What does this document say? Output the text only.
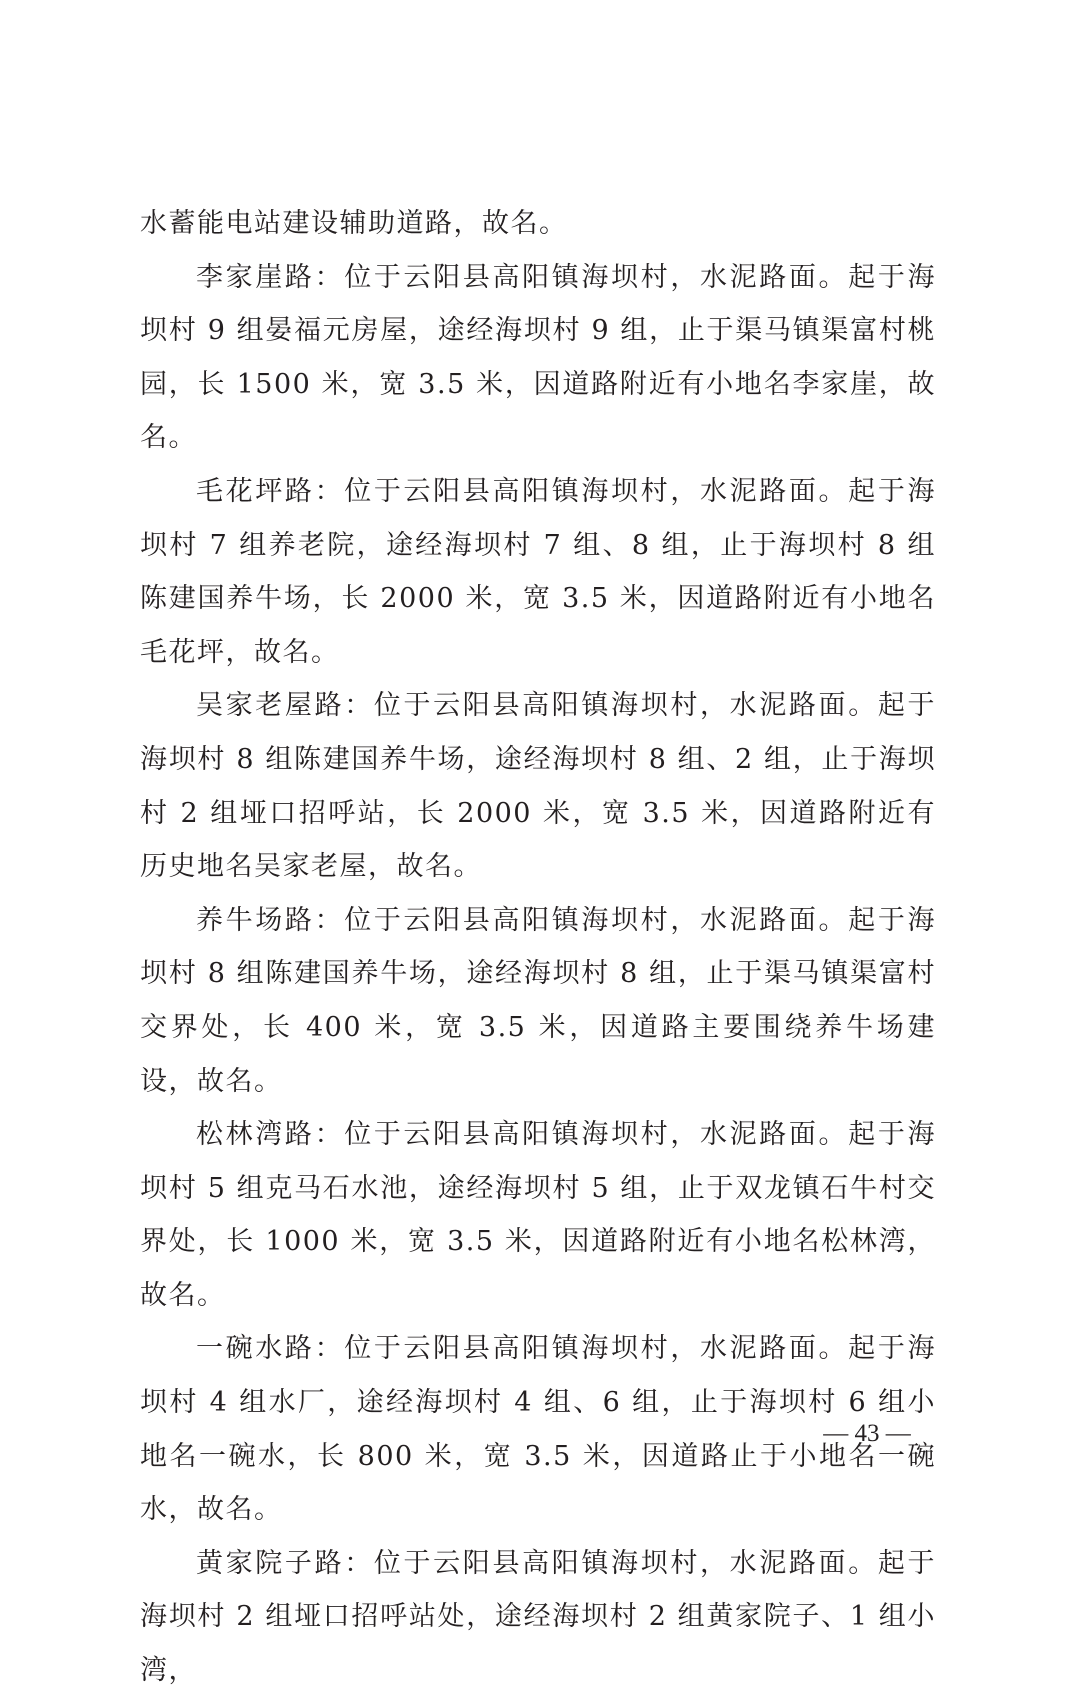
水蓄能电站建设辅助道路，故名。

李家崖路：位于云阳县高阳镇海坝村，水泥路面。起于海坝村 9 组晏福元房屋，途经海坝村 9 组，止于渠马镇渠富村桃园，长 1500 米，宽 3.5 米，因道路附近有小地名李家崖，故名。

毛花坪路：位于云阳县高阳镇海坝村，水泥路面。起于海坝村 7 组养老院，途经海坝村 7 组、8 组，止于海坝村 8 组陈建国养牛场，长 2000 米，宽 3.5 米，因道路附近有小地名毛花坪，故名。

吴家老屋路：位于云阳县高阳镇海坝村，水泥路面。起于海坝村 8 组陈建国养牛场，途经海坝村 8 组、2 组，止于海坝村 2 组垭口招呼站，长 2000 米，宽 3.5 米，因道路附近有历史地名吴家老屋，故名。

养牛场路：位于云阳县高阳镇海坝村，水泥路面。起于海坝村 8 组陈建国养牛场，途经海坝村 8 组，止于渠马镇渠富村交界处，长 400 米，宽 3.5 米，因道路主要围绕养牛场建设，故名。

松林湾路：位于云阳县高阳镇海坝村，水泥路面。起于海坝村 5 组克马石水池，途经海坝村 5 组，止于双龙镇石牛村交界处，长 1000 米，宽 3.5 米，因道路附近有小地名松林湾，故名。

一碗水路：位于云阳县高阳镇海坝村，水泥路面。起于海坝村 4 组水厂，途经海坝村 4 组、6 组，止于海坝村 6 组小地名一碗水，长 800 米，宽 3.5 米，因道路止于小地名一碗水，故名。

黄家院子路：位于云阳县高阳镇海坝村，水泥路面。起于海坝村 2 组垭口招呼站处，途经海坝村 2 组黄家院子、1 组小湾，

— 43 —
